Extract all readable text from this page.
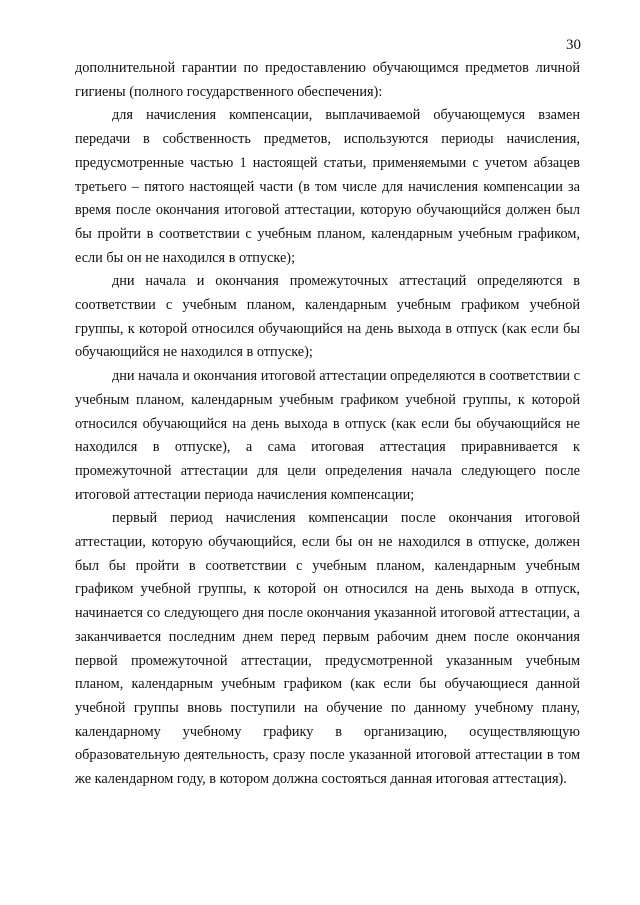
30

дополнительной гарантии по предоставлению обучающимся предметов личной гигиены (полного государственного обеспечения):

для начисления компенсации, выплачиваемой обучающемуся взамен передачи в собственность предметов, используются периоды начисления, предусмотренные частью 1 настоящей статьи, применяемыми с учетом абзацев третьего – пятого настоящей части (в том числе для начисления компенсации за время после окончания итоговой аттестации, которую обучающийся должен был бы пройти в соответствии с учебным планом, календарным учебным графиком, если бы он не находился в отпуске);

дни начала и окончания промежуточных аттестаций определяются в соответствии с учебным планом, календарным учебным графиком учебной группы, к которой относился обучающийся на день выхода в отпуск (как если бы обучающийся не находился в отпуске);

дни начала и окончания итоговой аттестации определяются в соответствии с учебным планом, календарным учебным графиком учебной группы, к которой относился обучающийся на день выхода в отпуск (как если бы обучающийся не находился в отпуске), а сама итоговая аттестация приравнивается к промежуточной аттестации для цели определения начала следующего после итоговой аттестации периода начисления компенсации;

первый период начисления компенсации после окончания итоговой аттестации, которую обучающийся, если бы он не находился в отпуске, должен был бы пройти в соответствии с учебным планом, календарным учебным графиком учебной группы, к которой он относился на день выхода в отпуск, начинается со следующего дня после окончания указанной итоговой аттестации, а заканчивается последним днем перед первым рабочим днем после окончания первой промежуточной аттестации, предусмотренной указанным учебным планом, календарным учебным графиком (как если бы обучающиеся данной учебной группы вновь поступили на обучение по данному учебному плану, календарному учебному графику в организацию, осуществляющую образовательную деятельность, сразу после указанной итоговой аттестации в том же календарном году, в котором должна состояться данная итоговая аттестация).
